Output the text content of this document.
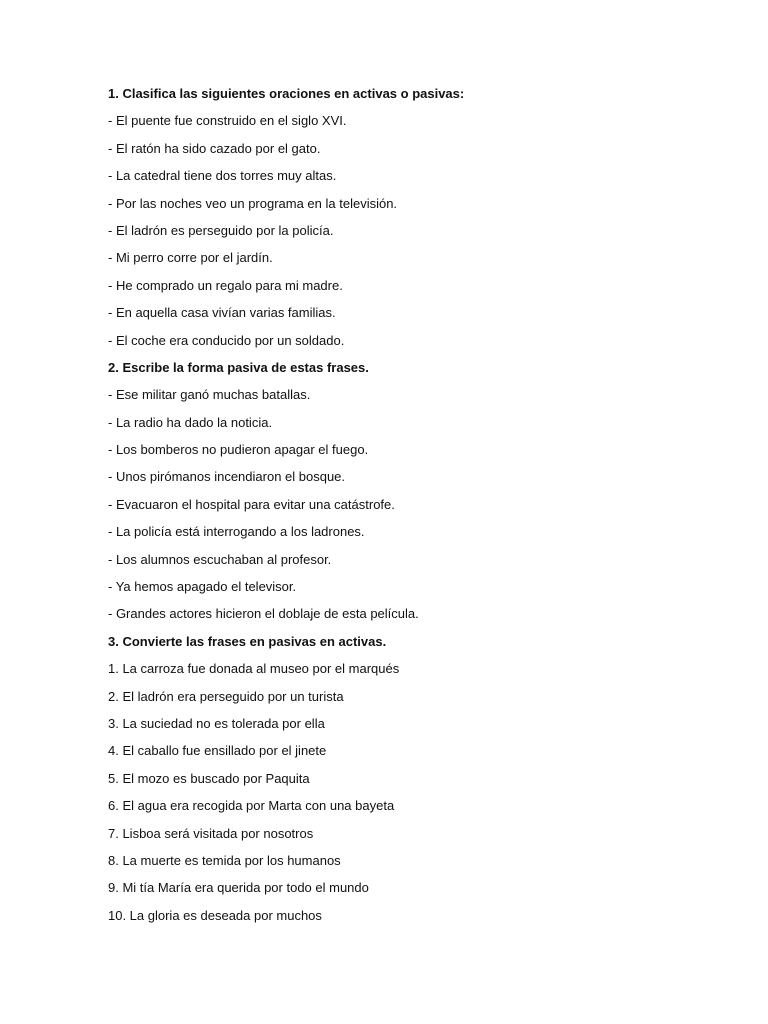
1. Clasifica las siguientes oraciones en activas o pasivas:
- El puente fue construido en el siglo XVI.
- El ratón ha sido cazado por el gato.
- La catedral tiene dos torres muy altas.
- Por las noches veo un programa en la televisión.
- El ladrón es perseguido por la policía.
- Mi perro corre por el jardín.
- He comprado un regalo para mi madre.
- En aquella casa vivían varias familias.
- El coche era conducido por un soldado.
2. Escribe la forma pasiva de estas frases.
- Ese militar ganó muchas batallas.
- La radio ha dado la noticia.
- Los bomberos no pudieron apagar el fuego.
- Unos pirómanos incendiaron el bosque.
- Evacuaron el hospital para evitar una catástrofe.
- La policía está interrogando a los ladrones.
- Los alumnos escuchaban al profesor.
- Ya hemos apagado el televisor.
- Grandes actores hicieron el doblaje de esta película.
3. Convierte las frases en pasivas en activas.
1. La carroza fue donada al museo por el marqués
2. El ladrón era perseguido por un turista
3. La suciedad no es tolerada por ella
4. El caballo fue ensillado por el jinete
5. El mozo es buscado por Paquita
6. El agua era recogida por Marta con una bayeta
7. Lisboa será visitada por nosotros
8. La muerte es temida por los humanos
9. Mi tía María era querida por todo el mundo
10. La gloria es deseada por muchos
